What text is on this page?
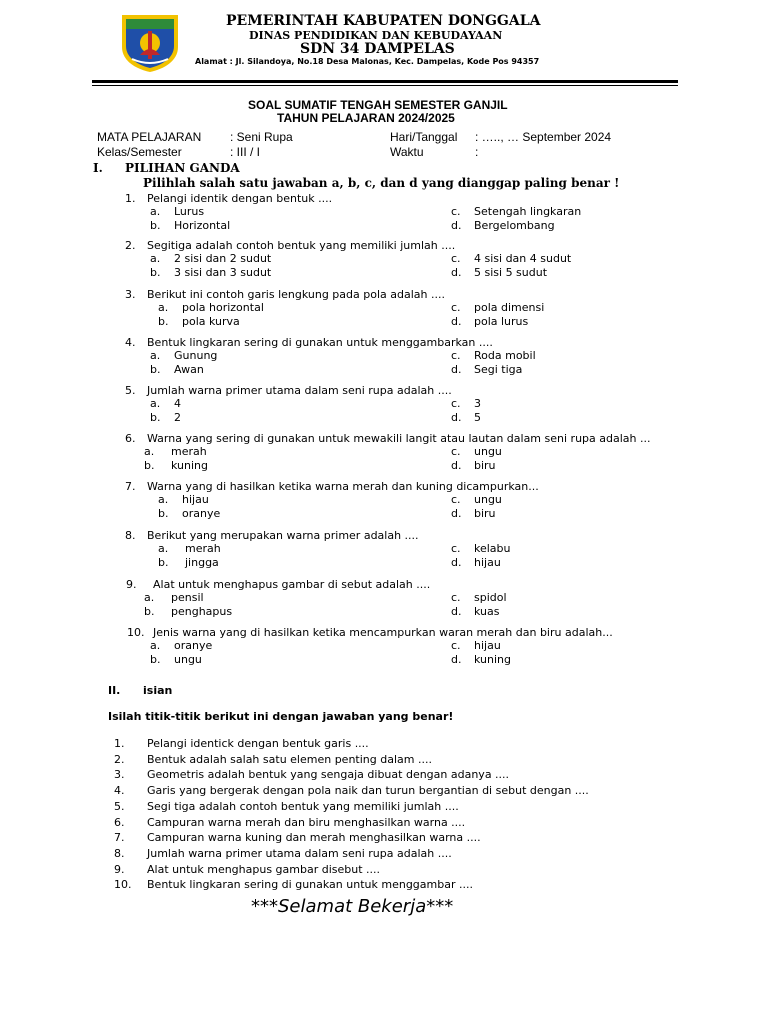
PEMERINTAH KABUPATEN DONGGALA
DINAS PENDIDIKAN DAN KEBUDAYAAN
SDN 34 DAMPELAS
Alamat : Jl. Silandoya, No.18 Desa Malonas, Kec. Dampelas, Kode Pos 94357
SOAL SUMATIF TENGAH SEMESTER GANJIL
TAHUN PELAJARAN 2024/2025
MATA PELAJARAN : Seni Rupa	Hari/Tanggal : ….., … September 2024
Kelas/Semester	: III / I	Waktu	:
I. PILIHAN GANDA
Pilihlah salah satu jawaban a, b, c, dan d yang dianggap paling benar !
1. Pelangi identik dengan bentuk ....
a. Lurus
b. Horizontal
c. Setengah lingkaran
d. Bergelombang
2. Segitiga adalah contoh bentuk yang memiliki jumlah ....
a. 2 sisi dan 2 sudut
b. 3 sisi dan 3 sudut
c. 4 sisi dan 4 sudut
d. 5 sisi 5 sudut
3. Berikut ini contoh garis lengkung pada pola adalah ....
a. pola horizontal
b. pola kurva
c. pola dimensi
d. pola lurus
4. Bentuk lingkaran sering di gunakan untuk menggambarkan ....
a. Gunung
b. Awan
c. Roda mobil
d. Segi tiga
5. Jumlah warna primer utama dalam seni rupa adalah ....
a. 4
b. 2
c. 3
d. 5
6. Warna yang sering di gunakan untuk mewakili langit atau lautan dalam seni rupa adalah ...
a. merah
b. kuning
c. ungu
d. biru
7. Warna yang di hasilkan ketika warna merah dan kuning dicampurkan...
a. hijau
b. oranye
c. ungu
d. biru
8. Berikut yang merupakan warna primer adalah ....
a. merah
b. jingga
c. kelabu
d. hijau
9. Alat untuk menghapus gambar di sebut adalah ....
a. pensil
b. penghapus
c. spidol
d. kuas
10. Jenis warna yang di hasilkan ketika mencampurkan waran merah dan biru adalah...
a. oranye
b. ungu
c. hijau
d. kuning
II. isian
Isilah titik-titik berikut ini dengan jawaban yang benar!
1. Pelangi identick dengan bentuk garis ....
2. Bentuk adalah salah satu elemen penting dalam ....
3. Geometris adalah bentuk yang sengaja dibuat dengan adanya ....
4. Garis yang bergerak dengan pola naik dan turun bergantian di sebut dengan ....
5. Segi tiga adalah contoh bentuk yang memiliki jumlah ....
6. Campuran warna merah dan biru menghasilkan warna ....
7. Campuran warna kuning dan merah menghasilkan warna ....
8. Jumlah warna primer utama dalam seni rupa adalah ....
9. Alat untuk menghapus gambar disebut ....
10. Bentuk lingkaran sering di gunakan untuk menggambar ....
***Selamat Bekerja***
